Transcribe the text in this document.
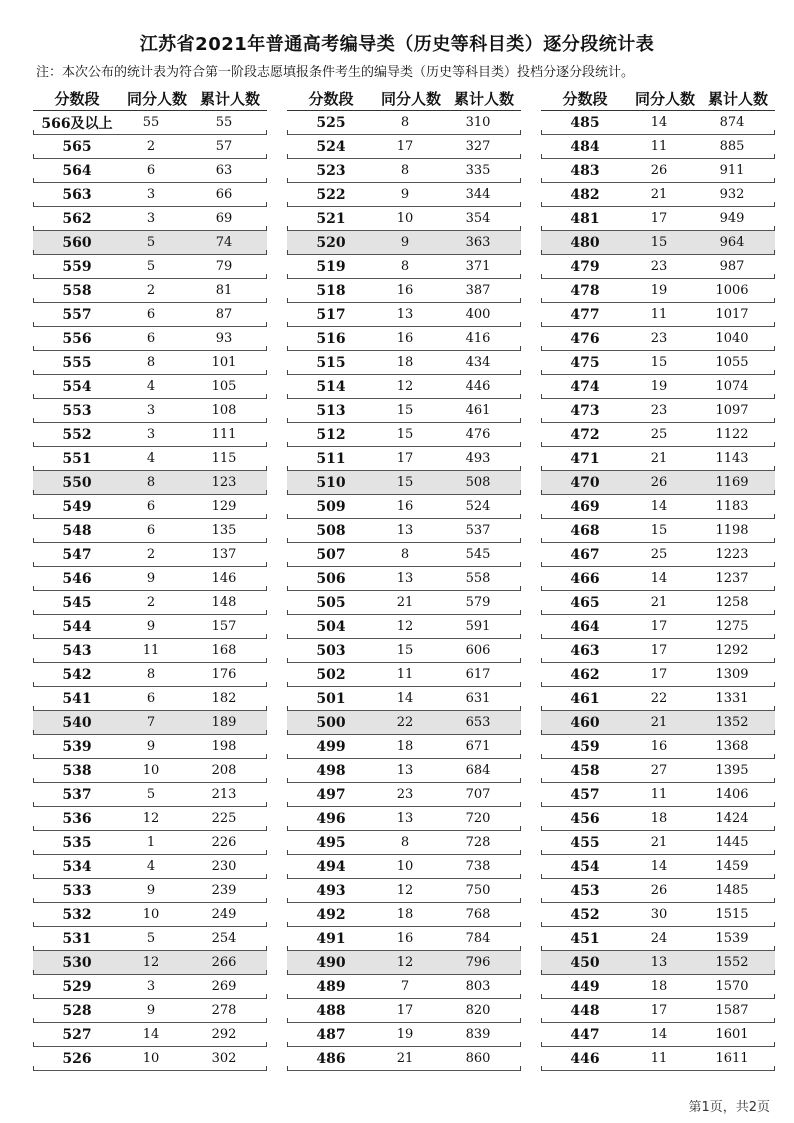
江苏省2021年普通高考编导类（历史等科目类）逐分段统计表
注：本次公布的统计表为符合第一阶段志愿填报条件考生的编导类（历史等科目类）投档分逐分段统计。
分数段	同分人数 累计人数
566及以上	55	55
565	2	57
564	6	63
563	3	66
562	3	69
560	5	74
559	5	79
558	2	81
557	6	87
556	6	93
555	8	101
554	4	105
553	3	108
552	3	111
551	4	115
550	8	123
549	6	129
548	6	135
547	2	137
546	9	146
545	2	148
544	9	157
543	11	168
542	8	176
541	6	182
540	7	189
539	9	198
538	10	208
537	5	213
536	12	225
535	1	226
534	4	230
533	9	239
532	10	249
531	5	254
530	12	266
529	3	269
528	9	278
527	14	292
526	10	302
分数段	同分人数 累计人数
525	8	310
524	17	327
523	8	335
522	9	344
521	10	354
520	9	363
519	8	371
518	16	387
517	13	400
516	16	416
515	18	434
514	12	446
513	15	461
512	15	476
511	17	493
510	15	508
509	16	524
508	13	537
507	8	545
506	13	558
505	21	579
504	12	591
503	15	606
502	11	617
501	14	631
500	22	653
499	18	671
498	13	684
497	23	707
496	13	720
495	8	728
494	10	738
493	12	750
492	18	768
491	16	784
490	12	796
489	7	803
488	17	820
487	19	839
486	21	860
分数段	同分人数 累计人数
485	14	874
484	11	885
483	26	911
482	21	932
481	17	949
480	15	964
479	23	987
478	19	1006
477	11	1017
476	23	1040
475	15	1055
474	19	1074
473	23	1097
472	25	1122
471	21	1143
470	26	1169
469	14	1183
468	15	1198
467	25	1223
466	14	1237
465	21	1258
464	17	1275
463	17	1292
462	17	1309
461	22	1331
460	21	1352
459	16	1368
458	27	1395
457	11	1406
456	18	1424
455	21	1445
454	14	1459
453	26	1485
452	30	1515
451	24	1539
450	13	1552
449	18	1570
448	17	1587
447	14	1601
446	11	1611
第1页，共2页
